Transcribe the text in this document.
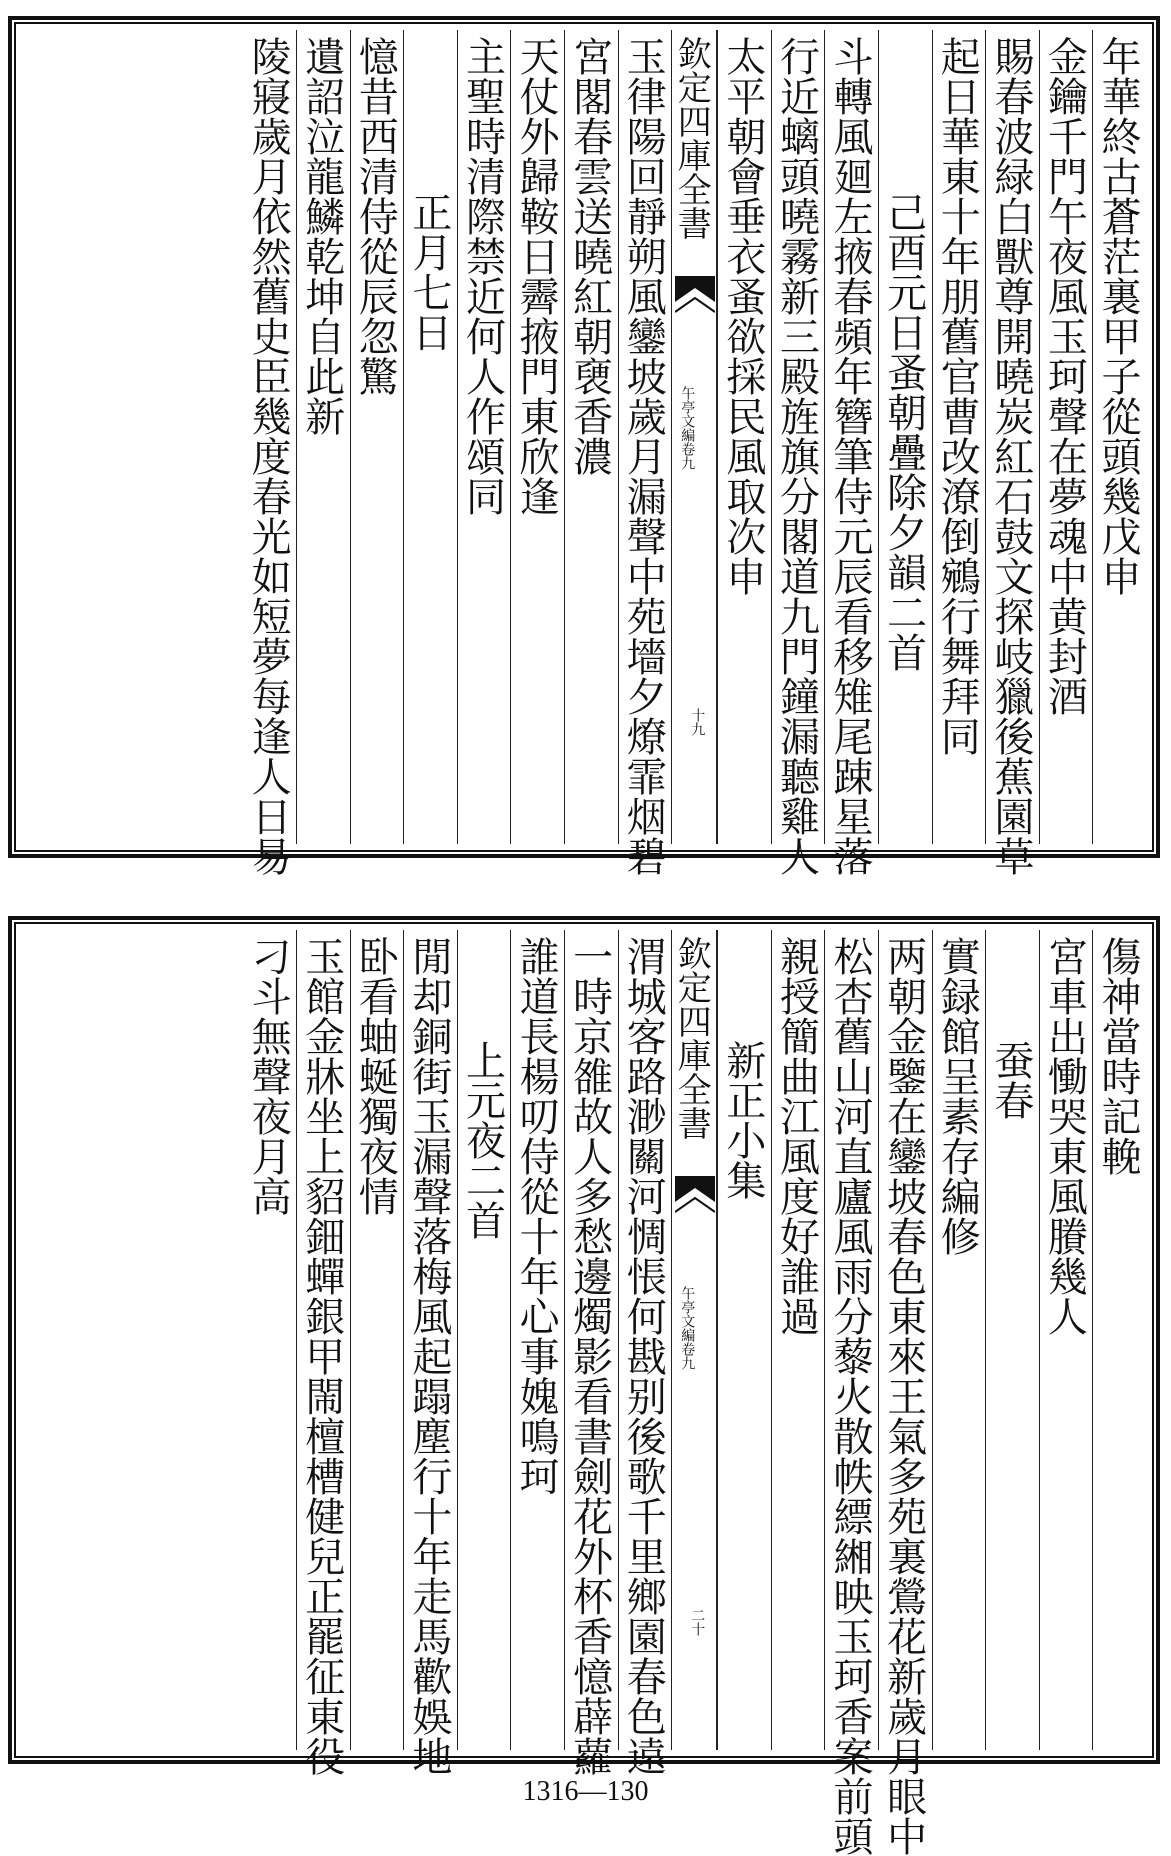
年華終古蒼茫裏甲子從頭幾戊申
金鑰千門午夜風玉珂聲在夢魂中黄封酒
賜春波緑白獸尊開曉炭紅石鼓文探岐獵後蕉園草
起日華東十年朋舊官曹改潦倒鵷行舞拜同
己酉元日蚤朝疊除夕韻二首
斗轉風廻左掖春頻年簪筆侍元辰看移雉尾踈星落
行近螭頭曉霧新三殿旌旗分閣道九門鐘漏聽雞人
太平朝會垂衣蚤欲採民風取次申
欽定四庫全書
午亭文編卷九
十九
玉律陽回靜朔風鑾坡歲月漏聲中苑墻夕燎霏烟碧
宮閣春雲送曉紅朝褏香濃
天仗外歸鞍日霽掖門東欣逢
主聖時清際禁近何人作頌同
正月七日
憶昔西清侍從辰忽驚
遺詔泣龍鱗乾坤自此新
陵寢歲月依然舊史臣幾度春光如短夢每逢人日易
傷神當時記輓
宮車出慟哭東風賸幾人
蚕春
實録館呈素存編修
两朝金鑒在鑾坡春色東來王氣多苑裏鶯花新歲月眼中
松杏舊山河直廬風雨分藜火散帙縹緗映玉珂香案前頭
親授簡曲江風度好誰過
新正小集
欽定四庫全書
午亭文編卷九
二十
渭城客路渺關河惆悵何戡别後歌千里鄉園春色遠
一時京雒故人多愁邊燭影看書劍花外杯香憶薜蘿
誰道長楊叨侍從十年心事媿鳴珂
上元夜二首
閒却銅街玉漏聲落梅風起蹋塵行十年走馬歡娛地
卧看蚰蜒獨夜情
玉館金牀坐上貂鈿蟬銀甲閙檀槽健兒正罷征東役
刁斗無聲夜月高
1316—130
